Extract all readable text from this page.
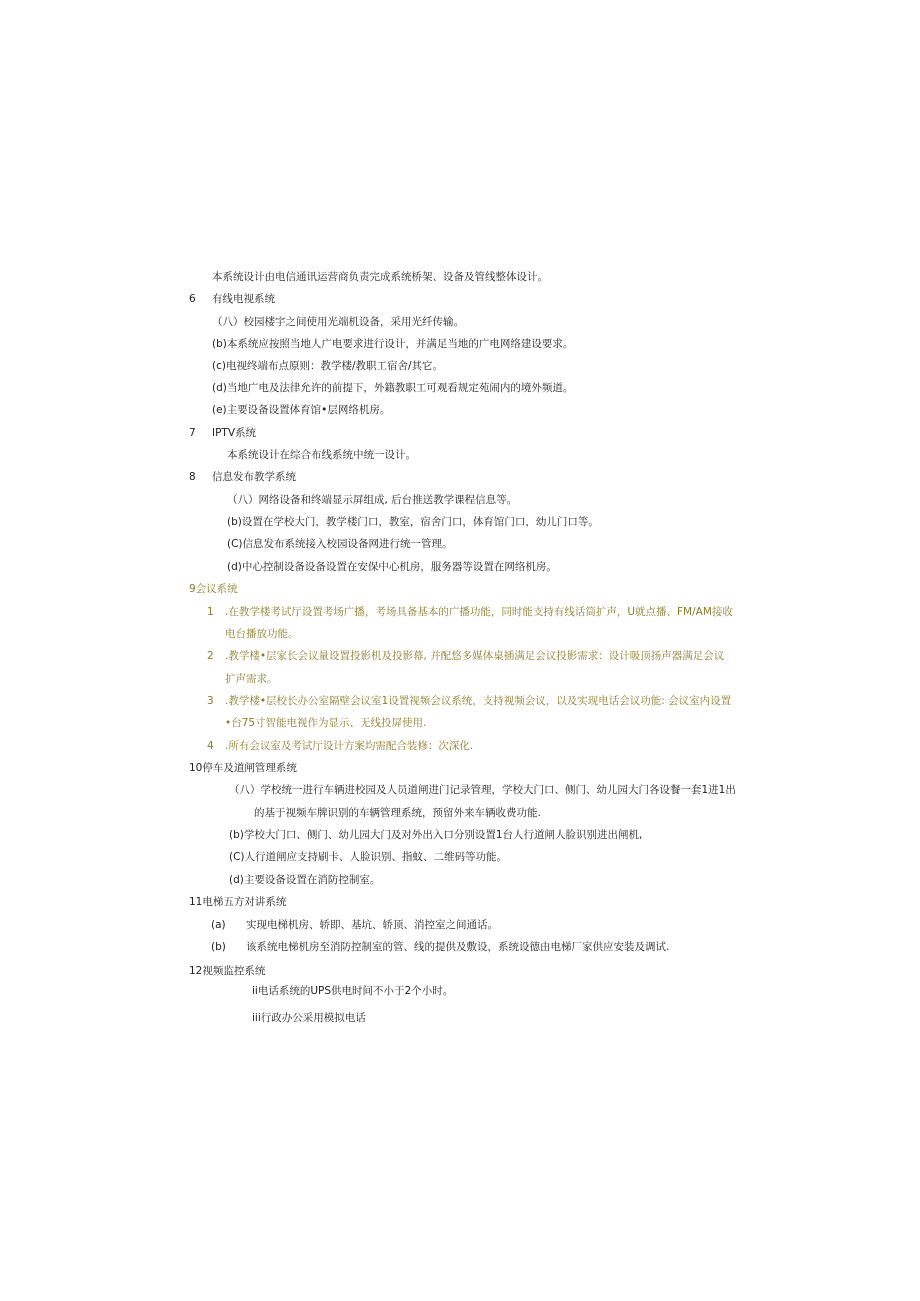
本系统设计由电信通讯运营商负责完成系统桥架、设备及管线整体设计。
6 有线电视系统
（八）校园楼宇之间使用光端机设备，采用光纤传输。
(b)本系统应按照当地人广电要求进行设计，并满足当地的广电网络建设要求。
(c)电视终端布点原则：教学楼/教职工宿舍/其它。
(d)当地广电及法律允许的前提下，外籍教职工可观看规定苑闹内的境外频道。
(e)主要设备设置体育馆•层网络机房。
7 IPTV系统
本系统设计在综合布线系统中统一设计。
8 信息发布教学系统
（八）网络设备和终端显示屏组成, 后台推送教学课程信息等。
(b)设置在学校大门，教学楼门口，教室，宿舍门口，体育馆门口，幼儿门口等。
(C)信息发布系统接入校园设备网进行统一管理。
(d)中心控制设备设备设置在安保中心机房，服务器等设置在网络机房。
9会议系统
1 .在教学楼考试厅设置考场广播，考场具备基本的广播功能，同时能支持有线话筒扩声，U就点播、FM/AM接收
电台播放功能。
2 .教学楼•层家长会议量设置投影机及投影幕, 并配悠多媒体桌插满足会议投影需求：设计吸顶扬声器满足会议
扩声需求。
3 .教学楼•层校长办公室隔壁会议室1设置视频会议系统，支持视频会议，以及实现电话会议功能: 会议室内设置
•台75寸智能电视作为显示、无线投屏使用.
4 .所有会议室及考试厅设计方案均需配合装修：次深化.
10停车及道闸管理系统
（八）学校统一进行车辆进校园及人员道闸进门记录管理，学校大门口、侧门、幼儿园大门各设餐一套1进1出
的基于视频车牌识别的车辆管理系统，预留外来车辆收费功能.
(b)学校大门口、侧门、幼儿园大门及对外出入口分别设置1台人行道闸人脸识别进出闸机,
(C)人行道闸应支持刷卡、人脸识别、指蚊、二维码等功能。
(d)主要设备设置在消防控制室。
11电梯五方对讲系统
(a) 实现电梯机房、轿即、基坑、轿顶、消控室之间通话。
(b) 该系统电梯机房至消防控制室的管、线的提供及敷设，系统设德由电梯厂家供应安装及调试.
12视频监控系统
ii电话系统的UPS供电时间不小于2个小时。
iii行政办公采用模拟电话
